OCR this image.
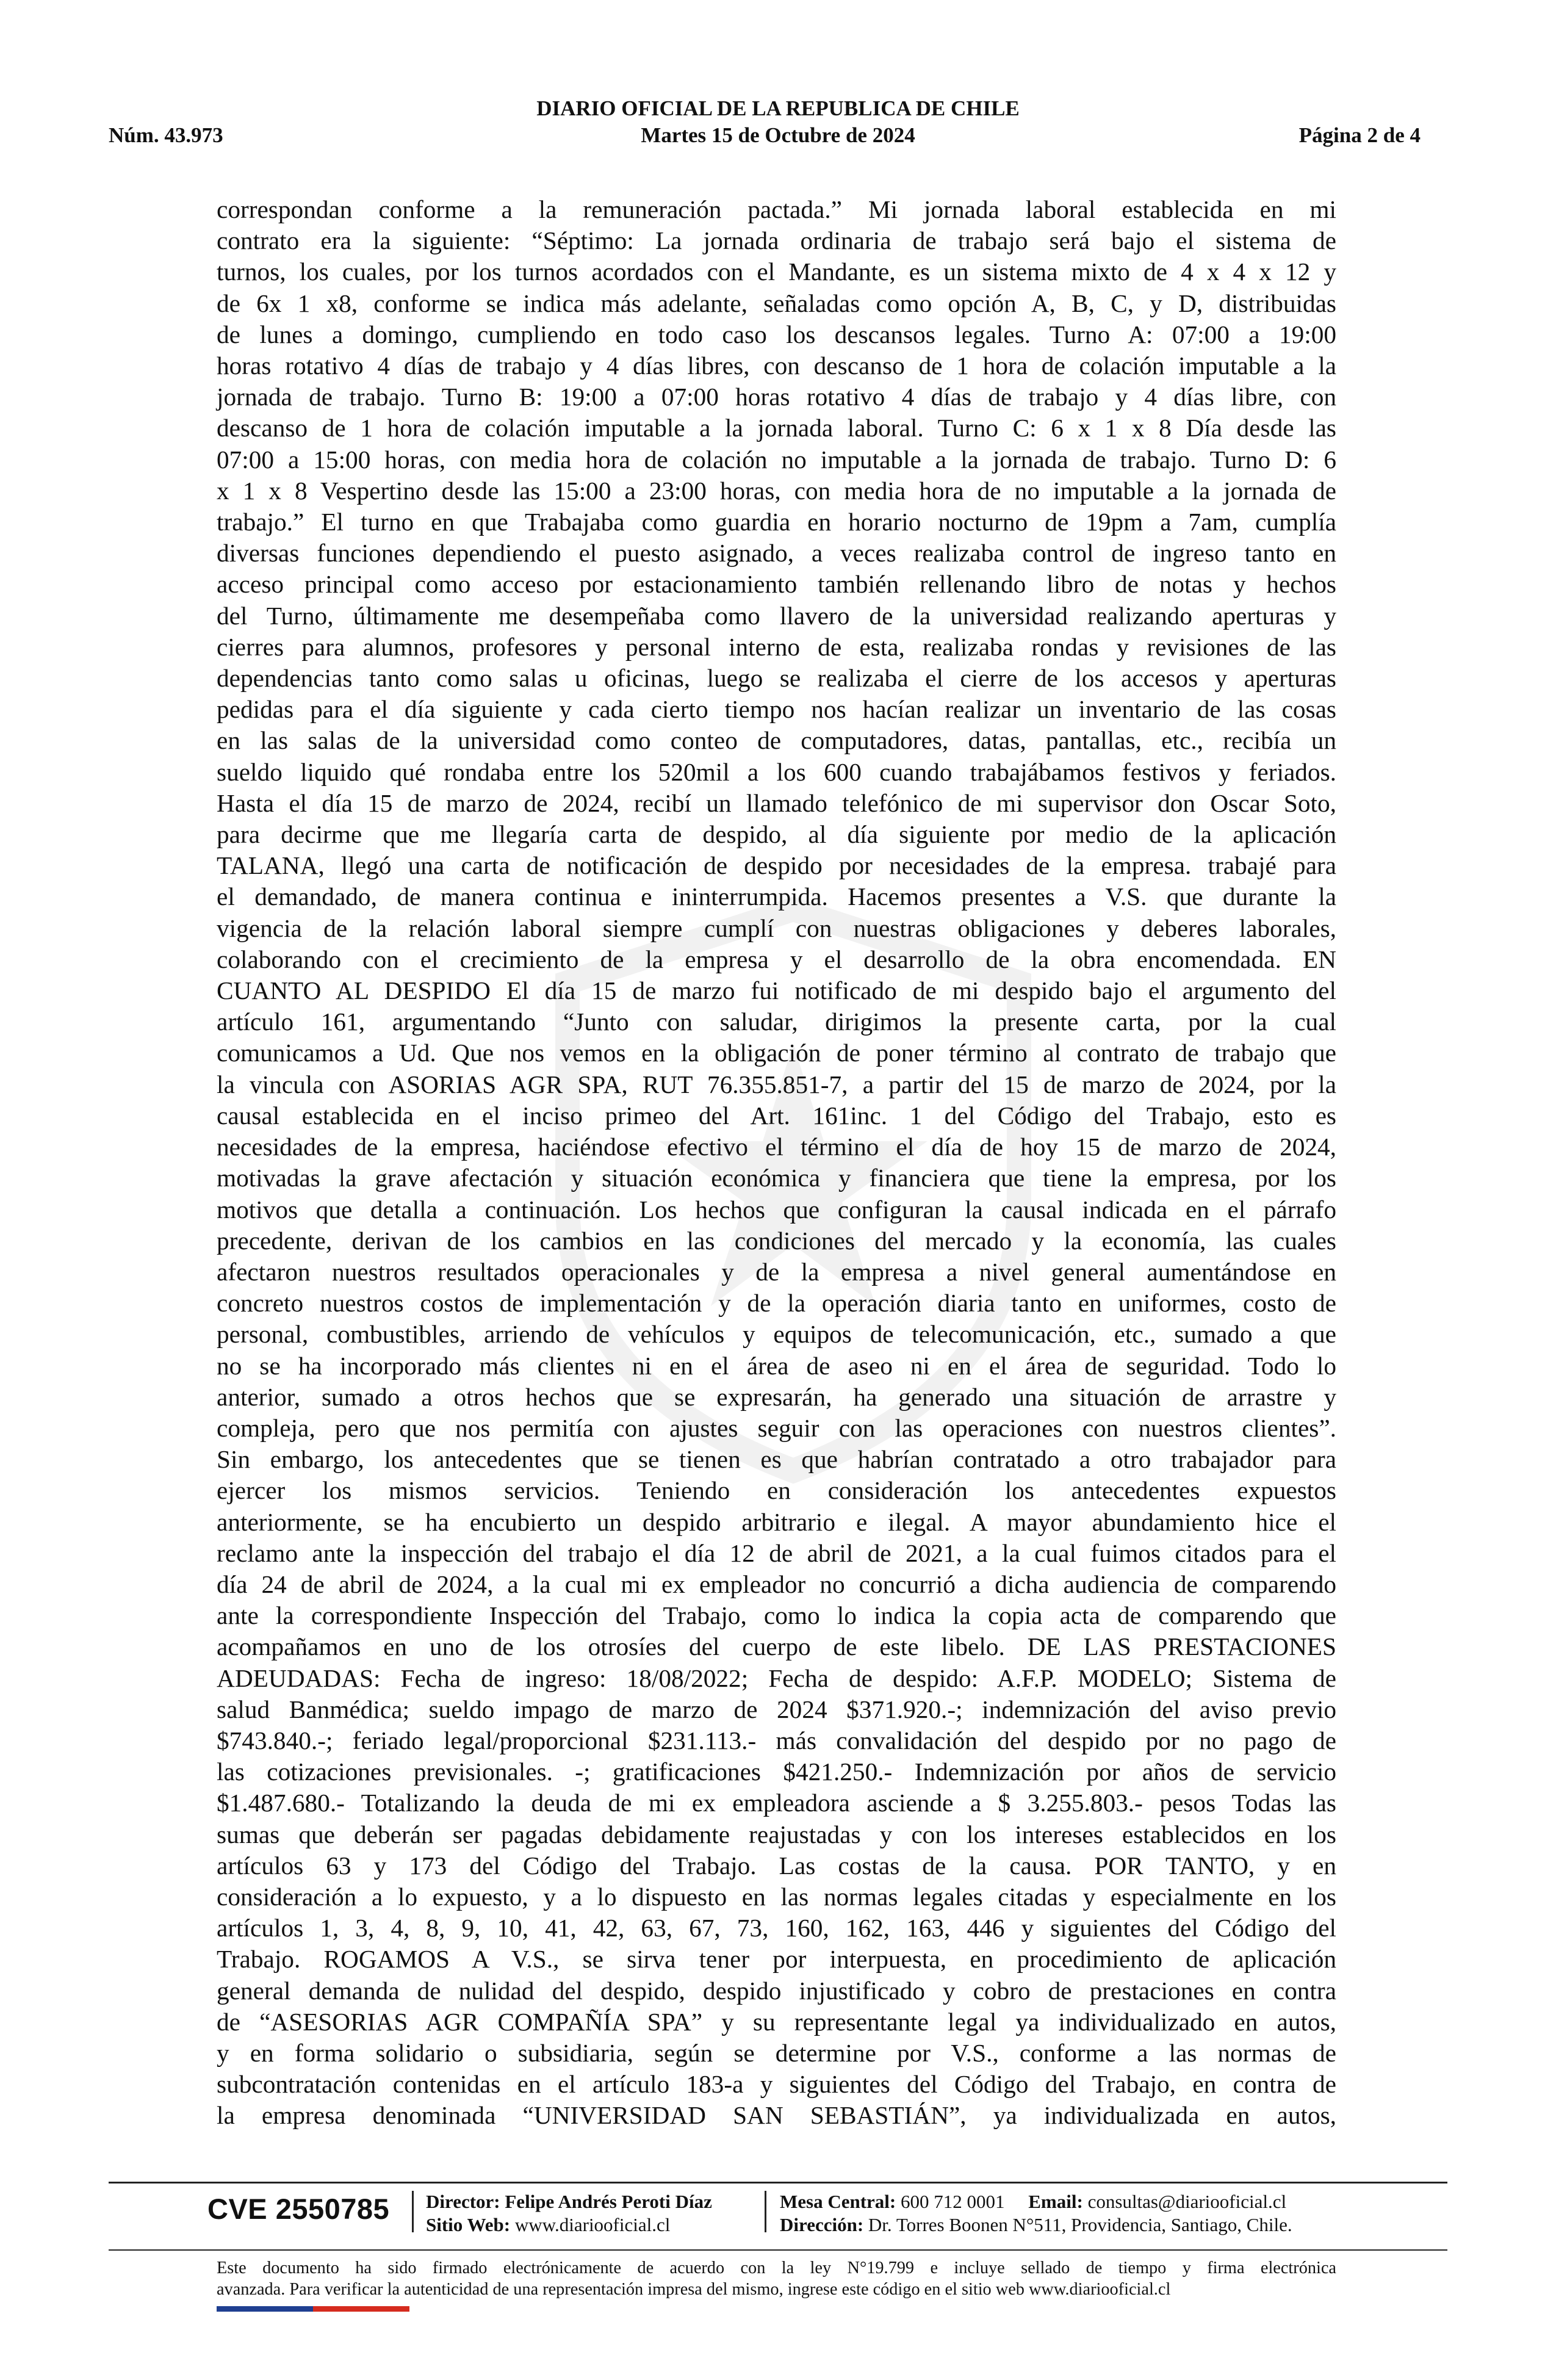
DIARIO OFICIAL DE LA REPUBLICA DE CHILE
Núm. 43.973	Martes 15 de Octubre de 2024	Página 2 de 4
correspondan conforme a la remuneración pactada.” Mi jornada laboral establecida en mi
contrato era la siguiente: “Séptimo: La jornada ordinaria de trabajo será bajo el sistema de
turnos, los cuales, por los turnos acordados con el Mandante, es un sistema mixto de 4 x 4 x 12 y
de 6x 1 x8, conforme se indica más adelante, señaladas como opción A, B, C, y D, distribuidas
de lunes a domingo, cumpliendo en todo caso los descansos legales. Turno A: 07:00 a 19:00
horas rotativo 4 días de trabajo y 4 días libres, con descanso de 1 hora de colación imputable a la
jornada de trabajo. Turno B: 19:00 a 07:00 horas rotativo 4 días de trabajo y 4 días libre, con
descanso de 1 hora de colación imputable a la jornada laboral. Turno C: 6 x 1 x 8 Día desde las
07:00 a 15:00 horas, con media hora de colación no imputable a la jornada de trabajo. Turno D: 6
x 1 x 8 Vespertino desde las 15:00 a 23:00 horas, con media hora de no imputable a la jornada de
trabajo.” El turno en que Trabajaba como guardia en horario nocturno de 19pm a 7am, cumplía
diversas funciones dependiendo el puesto asignado, a veces realizaba control de ingreso tanto en
acceso principal como acceso por estacionamiento también rellenando libro de notas y hechos
del Turno, últimamente me desempeñaba como llavero de la universidad realizando aperturas y
cierres para alumnos, profesores y personal interno de esta, realizaba rondas y revisiones de las
dependencias tanto como salas u oficinas, luego se realizaba el cierre de los accesos y aperturas
pedidas para el día siguiente y cada cierto tiempo nos hacían realizar un inventario de las cosas
en las salas de la universidad como conteo de computadores, datas, pantallas, etc., recibía un
sueldo liquido qué rondaba entre los 520mil a los 600 cuando trabajábamos festivos y feriados.
Hasta el día 15 de marzo de 2024, recibí un llamado telefónico de mi supervisor don Oscar Soto,
para decirme que me llegaría carta de despido, al día siguiente por medio de la aplicación
TALANA, llegó una carta de notificación de despido por necesidades de la empresa. trabajé para
el demandado, de manera continua e ininterrumpida. Hacemos presentes a V.S. que durante la
vigencia de la relación laboral siempre cumplí con nuestras obligaciones y deberes laborales,
colaborando con el crecimiento de la empresa y el desarrollo de la obra encomendada. EN
CUANTO AL DESPIDO El día 15 de marzo fui notificado de mi despido bajo el argumento del
artículo 161, argumentando “Junto con saludar, dirigimos la presente carta, por la cual
comunicamos a Ud. Que nos vemos en la obligación de poner término al contrato de trabajo que
la vincula con ASORIAS AGR SPA, RUT 76.355.851-7, a partir del 15 de marzo de 2024, por la
causal establecida en el inciso primeo del Art. 161inc. 1 del Código del Trabajo, esto es
necesidades de la empresa, haciéndose efectivo el término el día de hoy 15 de marzo de 2024,
motivadas la grave afectación y situación económica y financiera que tiene la empresa, por los
motivos que detalla a continuación. Los hechos que configuran la causal indicada en el párrafo
precedente, derivan de los cambios en las condiciones del mercado y la economía, las cuales
afectaron nuestros resultados operacionales y de la empresa a nivel general aumentándose en
concreto nuestros costos de implementación y de la operación diaria tanto en uniformes, costo de
personal, combustibles, arriendo de vehículos y equipos de telecomunicación, etc., sumado a que
no se ha incorporado más clientes ni en el área de aseo ni en el área de seguridad. Todo lo
anterior, sumado a otros hechos que se expresarán, ha generado una situación de arrastre y
compleja, pero que nos permitía con ajustes seguir con las operaciones con nuestros clientes”.
Sin embargo, los antecedentes que se tienen es que habrían contratado a otro trabajador para
ejercer los mismos servicios. Teniendo en consideración los antecedentes expuestos
anteriormente, se ha encubierto un despido arbitrario e ilegal. A mayor abundamiento hice el
reclamo ante la inspección del trabajo el día 12 de abril de 2021, a la cual fuimos citados para el
día 24 de abril de 2024, a la cual mi ex empleador no concurrió a dicha audiencia de comparendo
ante la correspondiente Inspección del Trabajo, como lo indica la copia acta de comparendo que
acompañamos en uno de los otrosíes del cuerpo de este libelo. DE LAS PRESTACIONES
ADEUDADAS: Fecha de ingreso: 18/08/2022; Fecha de despido: A.F.P. MODELO; Sistema de
salud Banmédica; sueldo impago de marzo de 2024 $371.920.-; indemnización del aviso previo
$743.840.-; feriado legal/proporcional $231.113.- más convalidación del despido por no pago de
las cotizaciones previsionales. -; gratificaciones $421.250.- Indemnización por años de servicio
$1.487.680.- Totalizando la deuda de mi ex empleadora asciende a $ 3.255.803.- pesos Todas las
sumas que deberán ser pagadas debidamente reajustadas y con los intereses establecidos en los
artículos 63 y 173 del Código del Trabajo. Las costas de la causa. POR TANTO, y en
consideración a lo expuesto, y a lo dispuesto en las normas legales citadas y especialmente en los
artículos 1, 3, 4, 8, 9, 10, 41, 42, 63, 67, 73, 160, 162, 163, 446 y siguientes del Código del
Trabajo. ROGAMOS A V.S., se sirva tener por interpuesta, en procedimiento de aplicación
general demanda de nulidad del despido, despido injustificado y cobro de prestaciones en contra
de “ASESORIAS AGR COMPAÑÍA SPA” y su representante legal ya individualizado en autos,
y en forma solidario o subsidiaria, según se determine por V.S., conforme a las normas de
subcontratación contenidas en el artículo 183-a y siguientes del Código del Trabajo, en contra de
la empresa denominada “UNIVERSIDAD SAN SEBASTIÁN”, ya individualizada en autos,
CVE 2550785 Director: Felipe Andrés Peroti Díaz
Sitio Web: www.diariooficial.cl
Mesa Central: 600 712 0001 Email: consultas@diariooficial.cl
Dirección: Dr. Torres Boonen N°511, Providencia, Santiago, Chile.
Este documento ha sido firmado electrónicamente de acuerdo con la ley N°19.799 e incluye sellado de tiempo y firma electrónica
avanzada. Para verificar la autenticidad de una representación impresa del mismo, ingrese este código en el sitio web www.diariooficial.cl
